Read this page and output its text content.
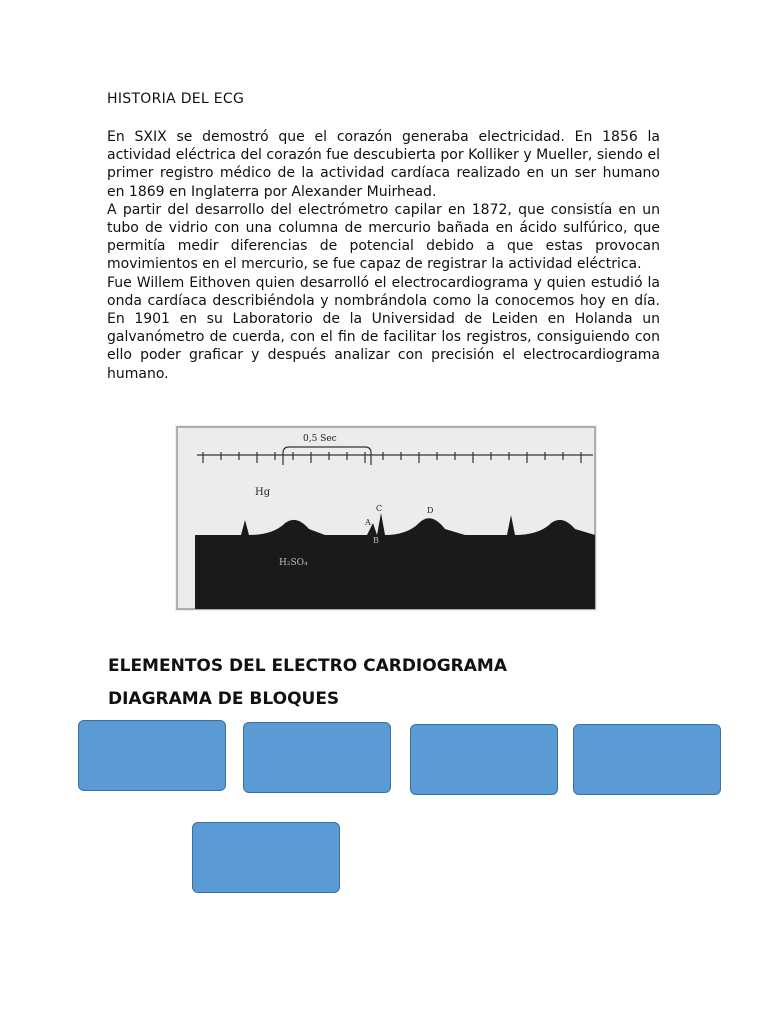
HISTORIA DEL ECG

En SXIX se demostró que el corazón generaba electricidad. En 1856 la actividad eléctrica del corazón fue descubierta por Kolliker y Mueller, siendo el primer registro médico de la actividad cardíaca realizado en un ser humano en 1869 en Inglaterra por Alexander Muirhead.

A partir del desarrollo del electrómetro capilar en 1872, que consistía en un tubo de vidrio con una columna de mercurio bañada en ácido sulfúrico, que permitía medir diferencias de potencial debido a que estas provocan movimientos en el mercurio, se fue capaz de registrar la actividad eléctrica.

Fue Willem Eithoven quien desarrolló el electrocardiograma y quien estudió la onda cardíaca describiéndola y nombrándola como la conocemos hoy en día. En 1901 en su Laboratorio de la Universidad de Leiden en Holanda un galvanómetro de cuerda, con el fin de facilitar los registros, consiguiendo con ello poder graficar y después analizar con precisión el electrocardiograma humano.

0,5 Sec
Hg
H₂SO₄
A
B
C	D
ELEMENTOS DEL ELECTRO CARDIOGRAMA
DIAGRAMA DE BLOQUES
